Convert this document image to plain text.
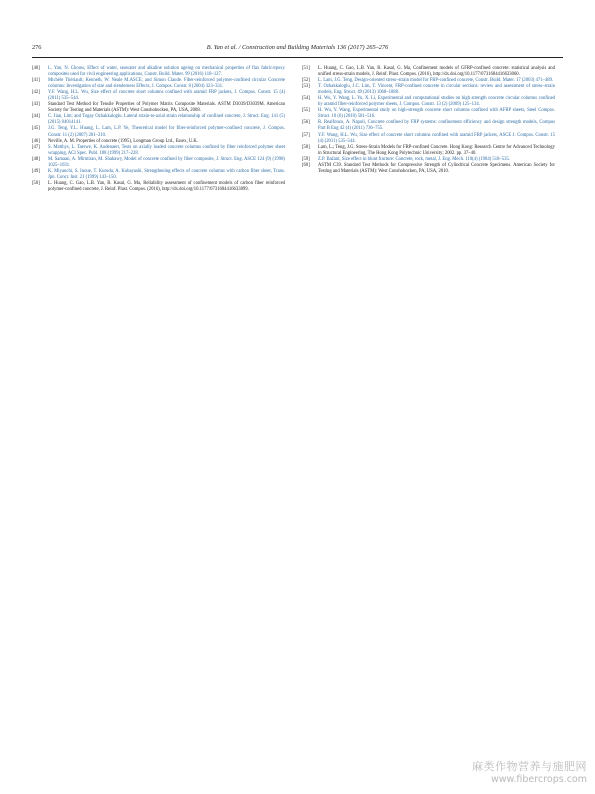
276	B. Yan et al. / Construction and Building Materials 136 (2017) 265–276
[40]	L. Yan, N. Chouw, Effect of water, seawater and alkaline solution ageing on mechanical properties of flax fabric/epoxy composites used for civil engineering applications, Constr. Build. Mater. 99 (2016) 118–127.
[41]	Michèle Thériault; Kenneth, W. Neale M.ASCE; and Simon Claude. Fiber-reinforced polymer-confined circular Concrete columns: Investigation of size and slenderness Effects, J. Compos. Constr. 8 (2004) 323–331.
[42]	Y.F. Wang, H.L. Wu, Size effect of concrete short columns confined with aramid FRP jackets, J. Compos. Constr. 15 (4) (2011) 535–544.
[43]	Standard Test Method for Tensile Properties of Polymer Matrix Composite Materials. ASTM D3039/D3039M. American Society for Testing and Materials (ASTM): West Conshohocken, PA, USA, 2008.
[44]	C. Jian, Lim; and Togay Ozbakkaloglu. Lateral strain-to-axial strain relationship of confined concrete, J. Struct. Eng. 141 (5) (2015) 04014141.
[45]	J.G. Teng, Y.L. Huang, L. Lam, L.P. Ye, Theoretical model for fiber-reinforced polymer-confined concrete, J. Compos. Constr. 11 (2) (2007) 201–210.
[46]	Neville, A. M. Properties of concrete (1995), Longman Group Ltd., Essex, U.K.
[47]	S. Matthys, L. Taerwe, K. Audenaert, Tests on axially loaded concrete columns confined by fiber reinforced polymer sheet wrapping, ACI Spec. Publ. 188 (1999) 217–228.
[48]	M. Samaan, A. Mirmiran, M. Shahawy, Model of concrete confined by fiber composite, J. Struct. Eng. ASCE 124 (9) (1998) 1025–1031.
[49]	K. Miyauchi, S. Inoue, T. Kuroda, A. Kobayashi, Strengthening effects of concrete columns with carbon fiber sheet, Trans. Jpn. Concr. Inst. 21 (1999) 143–150.
[50]	L. Huang, C. Gao, L.B. Yan, B. Kasal, G. Ma, Reliability assessment of confinement models of carbon fiber reinforced polymer-confined concrete, J. Reinf. Plast. Compos. (2016), http://dx.doi.org/10.1177/0731684416633899.
[51]	L. Huang, C. Gao, L.B. Yan, B. Kasal, G. Ma, Confinement models of GFRP-confined concrete: statistical analysis and unified stress-strain models, J. Reinf. Plast. Compos. (2016), http://dx.doi.org/10.1177/0731684416633060.
[52]	L. Lam, J.G. Teng, Design-oriented stress–strain model for FRP-confined concrete, Constr. Build. Mater. 17 (2003) 471–489.
[53]	T. Ozbakkaloglu, J.C. Lim, T. Vincent, FRP-confined concrete in circular sections: review and assessment of stress–strain models, Eng. Struct. 49 (2013) 1068–1088.
[54]	H. Wu, Y. Wang, L. Yu, X. Li, Experimental and computational studies on high strength concrete circular columns confined by aramid fiber-reinforced polymer sheets, J. Compos. Constr. 13 (2) (2009) 125–134.
[55]	H. Wu, Y. Wang, Experimental study on high-strength concrete short columns confined with AFRP sheets, Steel Compos. Struct. 10 (6) (2010) 501–516.
[56]	R. Realfonzo, A. Napoli, Concrete confined by FRP systems: confinement efficiency and design strength models, Compos Part B Eng 42 (4) (2011) 736–755.
[57]	Y.F. Wang, H.L. Wu, Size effect of concrete short columns confined with aramid FRP jackets, ASCE J. Compos. Constr. 15 (4) (2011) 535–544.
[58]	Lam, L.; Teng, J.G. Stress-Strain Models for FRP-confined Concrete. Hong Kong: Research Centre for Advanced Technology in Structural Engineering, The Hong Kong Polytechnic University; 2002. pp. 37–40.
[59]	Z.P. Bažant, Size effect in blunt fracture: Concrete, rock, metal, J. Eng. Mech. 110(4) (1984) 518–535.
[60]	ASTM C39. Standard Test Methods for Compressive Strength of Cylindrical Concrete Specimens. American Society for Testing and Materials (ASTM): West Conshohocken, PA, USA, 2010.
麻类作物营养与施肥网
www.fibercrops.com
